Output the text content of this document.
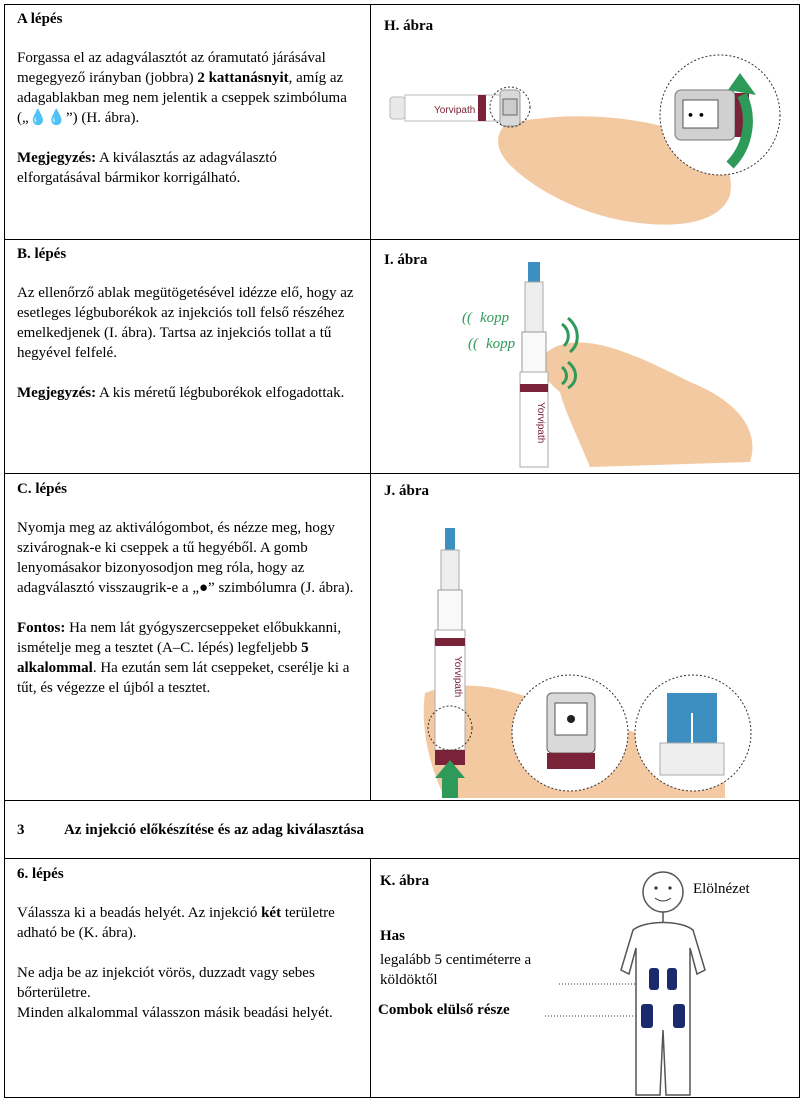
A lépés

Forgassa el az adagválasztót az óramutató járásával megegyező irányban (jobbra) 2 kattanásnyit, amíg az adagablakban meg nem jelentik a cseppek szimbóluma („💧💧”) (H. ábra).

Megjegyzés: A kiválasztás az adagválasztó elforgatásával bármikor korrigálható.

H. ábra
Yorvipath	• •
B. lépés

Az ellenőrző ablak megütögetésével idézze elő, hogy az esetleges légbuborékok az injekciós toll felső részéhez emelkedjenek (I. ábra). Tartsa az injekciós tollat a tű hegyével felfelé.

Megjegyzés: A kis méretű légbuborékok elfogadottak.

I. ábra
Yorvipath
(( kopp
(( kopp
C. lépés

Nyomja meg az aktiválógombot, és nézze meg, hogy szivárognak-e ki cseppek a tű hegyéből. A gomb lenyomásakor bizonyosodjon meg róla, hogy az adagválasztó visszaugrik-e a „●” szimbólumra (J. ábra).

Fontos: Ha nem lát gyógyszercseppeket előbukkanni, ismételje meg a tesztet (A–C. lépés) legfeljebb 5 alkalommal. Ha ezután sem lát cseppeket, cserélje ki a tűt, és végezze el újból a tesztet.

J. ábra
Yorvipath
3	Az injekció előkészítése és az adag kiválasztása
6. lépés

Válassza ki a beadás helyét. Az injekció két területre adható be (K. ábra).

Ne adja be az injekciót vörös, duzzadt vagy sebes bőrterületre.

Minden alkalommal válasszon másik beadási helyét.

K. ábra
Has
legalább 5 centiméterre a köldöktől
Combok elülső része
Elölnézet
